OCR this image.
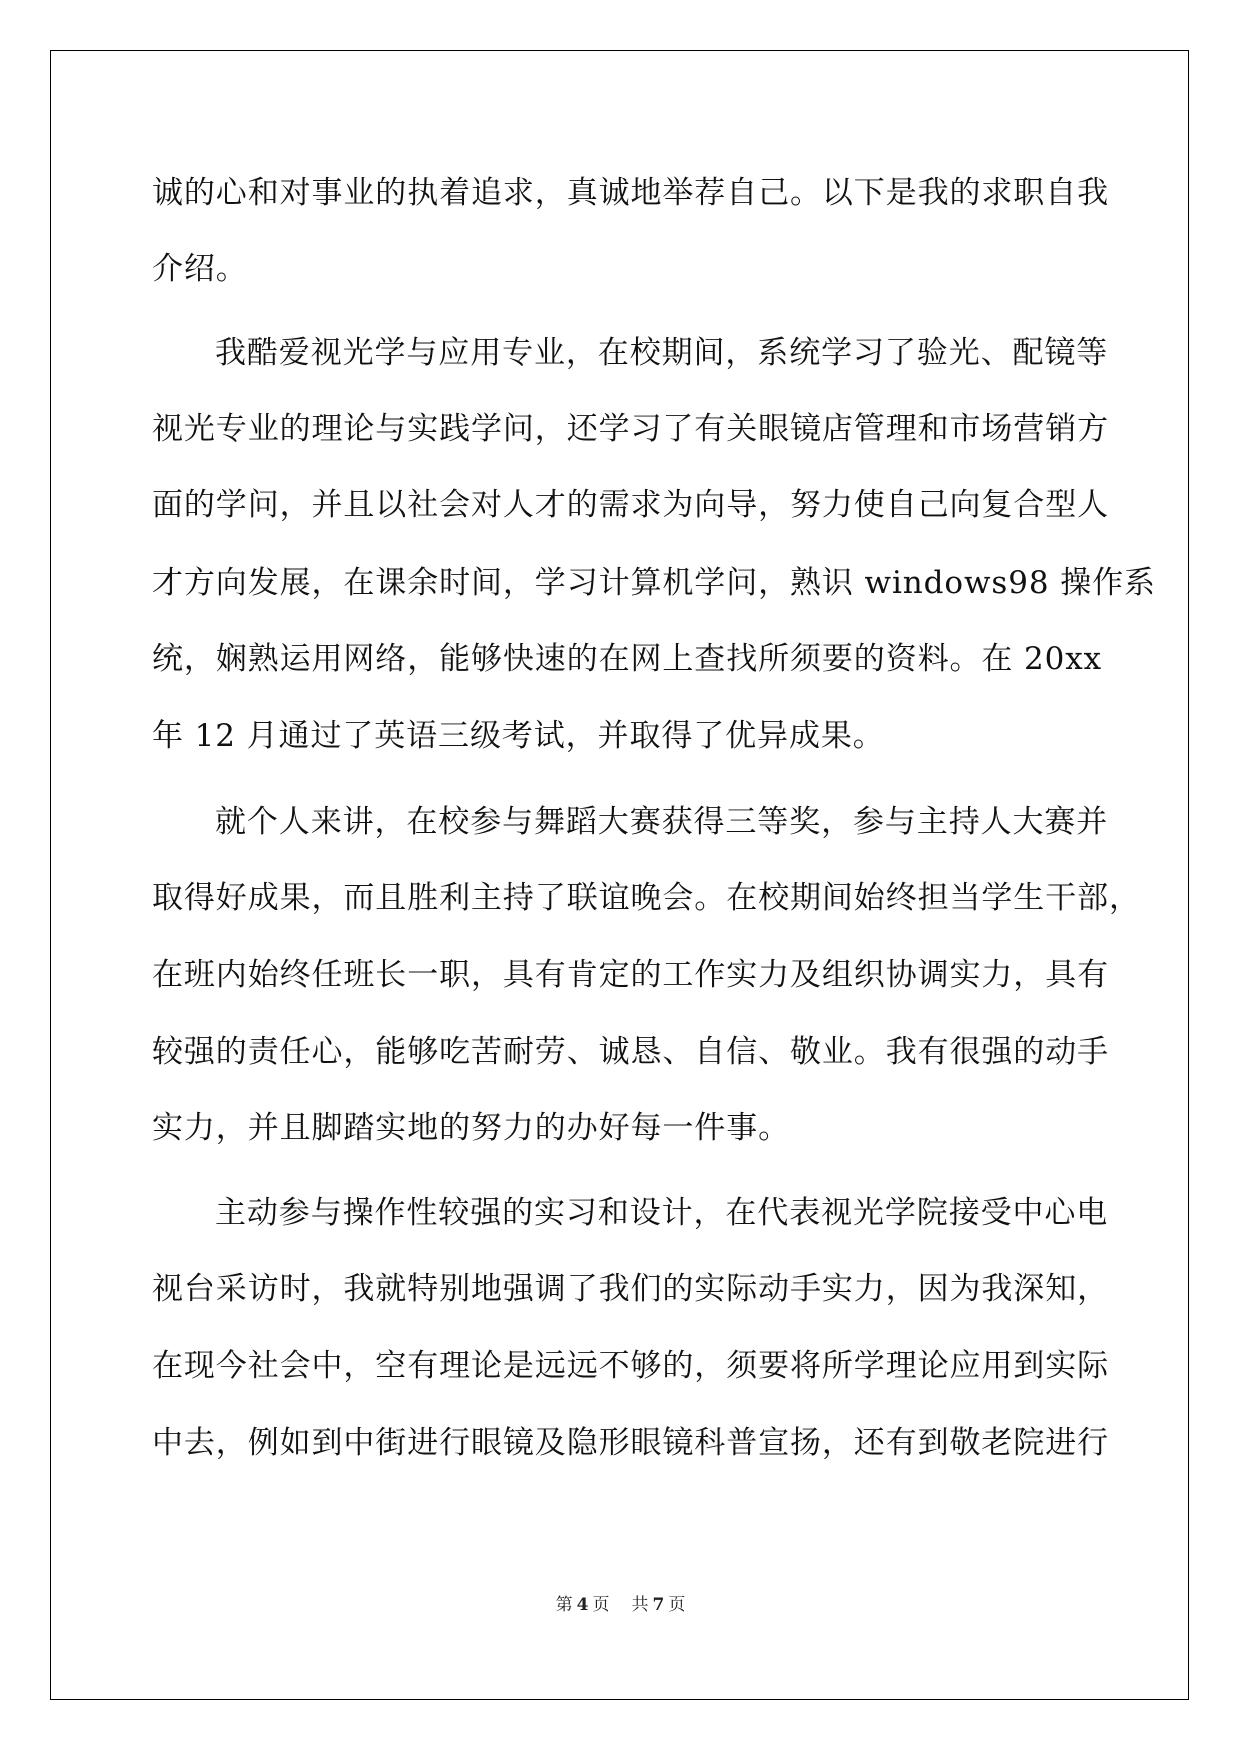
诚的心和对事业的执着追求，真诚地举荐自己。以下是我的求职自我
介绍。
我酷爱视光学与应用专业，在校期间，系统学习了验光、配镜等
视光专业的理论与实践学问，还学习了有关眼镜店管理和市场营销方
面的学问，并且以社会对人才的需求为向导，努力使自己向复合型人
才方向发展，在课余时间，学习计算机学问，熟识 windows98 操作系
统，娴熟运用网络，能够快速的在网上查找所须要的资料。在 20xx
年 12 月通过了英语三级考试，并取得了优异成果。
就个人来讲，在校参与舞蹈大赛获得三等奖，参与主持人大赛并
取得好成果，而且胜利主持了联谊晚会。在校期间始终担当学生干部，
在班内始终任班长一职，具有肯定的工作实力及组织协调实力，具有
较强的责任心，能够吃苦耐劳、诚恳、自信、敬业。我有很强的动手
实力，并且脚踏实地的努力的办好每一件事。
主动参与操作性较强的实习和设计，在代表视光学院接受中心电
视台采访时，我就特别地强调了我们的实际动手实力，因为我深知，
在现今社会中，空有理论是远远不够的，须要将所学理论应用到实际
中去，例如到中街进行眼镜及隐形眼镜科普宣扬，还有到敬老院进行
第 4 页 共 7 页
